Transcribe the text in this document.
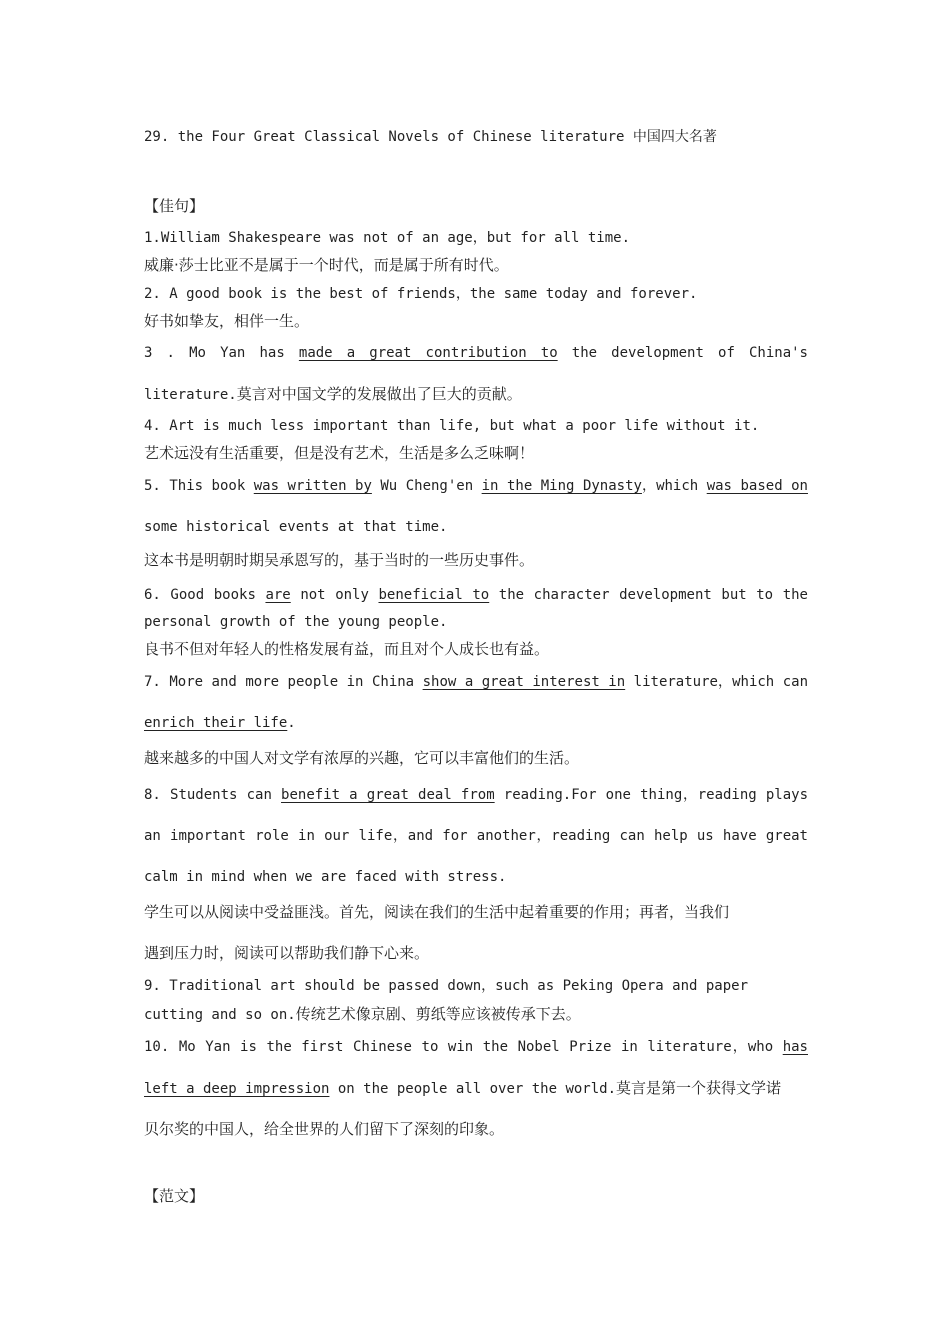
29. the Four Great Classical Novels of Chinese literature 中国四大名著
【佳句】
1.William Shakespeare was not of an age，but for all time.
威廉·莎士比亚不是属于一个时代，而是属于所有时代。
2. A good book is the best of friends，the same today and forever.
好书如挚友，相伴一生。
3 . Mo Yan has made a great contribution to the development of China's
literature.莫言对中国文学的发展做出了巨大的贡献。
4. Art is much less important than life, but what a poor life without it.
艺术远没有生活重要，但是没有艺术，生活是多么乏味啊！
5. This book was written by Wu Cheng'en in the Ming Dynasty，which was based on
some historical events at that time.
这本书是明朝时期吴承恩写的，基于当时的一些历史事件。
6. Good books are not only beneficial to the character development but to the
personal growth of the young people.
良书不但对年轻人的性格发展有益，而且对个人成长也有益。
7. More and more people in China show a great interest in literature，which can
enrich their life.
越来越多的中国人对文学有浓厚的兴趣，它可以丰富他们的生活。
8. Students can benefit a great deal from reading.For one thing，reading plays
an important role in our life，and for another，reading can help us have great
calm in mind when we are faced with stress.
学生可以从阅读中受益匪浅。首先，阅读在我们的生活中起着重要的作用；再者，当我们
遇到压力时，阅读可以帮助我们静下心来。
9. Traditional art should be passed down，such as Peking Opera and paper
cutting and so on.传统艺术像京剧、剪纸等应该被传承下去。
10. Mo Yan is the first Chinese to win the Nobel Prize in literature，who has
left a deep impression on the people all over the world.莫言是第一个获得文学诺
贝尔奖的中国人，给全世界的人们留下了深刻的印象。
【范文】
